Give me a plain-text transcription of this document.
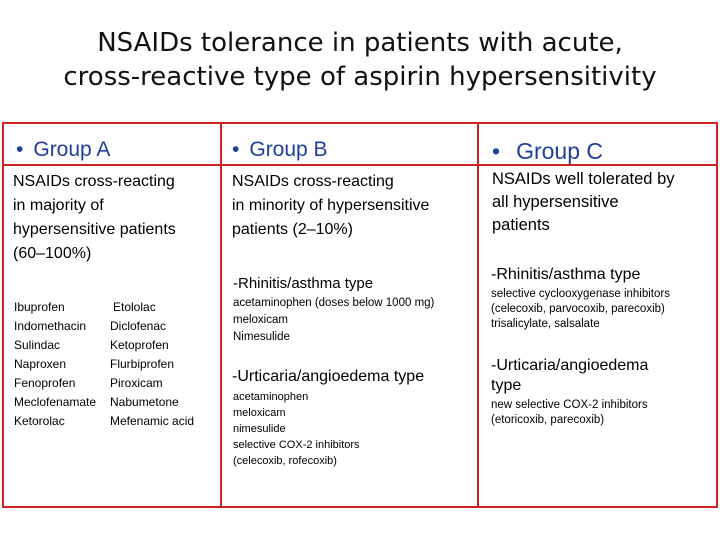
NSAIDs tolerance in patients with acute,
cross-reactive type of aspirin hypersensitivity
• Group A
NSAIDs cross-reacting
in majority of
hypersensitive patients
(60–100%)
Ibuprofen
Indomethacin
Sulindac
Naproxen
Fenoprofen
Meclofenamate
Ketorolac
Etololac
Diclofenac
Ketoprofen
Flurbiprofen
Piroxicam
Nabumetone
Mefenamic acid
• Group B
NSAIDs cross-reacting
in minority of hypersensitive
patients (2–10%)
-Rhinitis/asthma type
acetaminophen (doses below 1000 mg)
meloxicam
Nimesulide
-Urticaria/angioedema type
acetaminophen
meloxicam
nimesulide
selective COX-2 inhibitors
(celecoxib, rofecoxib)
• Group C
NSAIDs well tolerated by
all hypersensitive
patients
-Rhinitis/asthma type
selective cyclooxygenase inhibitors
(celecoxib, parvocoxib, parecoxib)
trisalicylate, salsalate
-Urticaria/angioedema
type
new selective COX-2 inhibitors
(etoricoxib, parecoxib)
